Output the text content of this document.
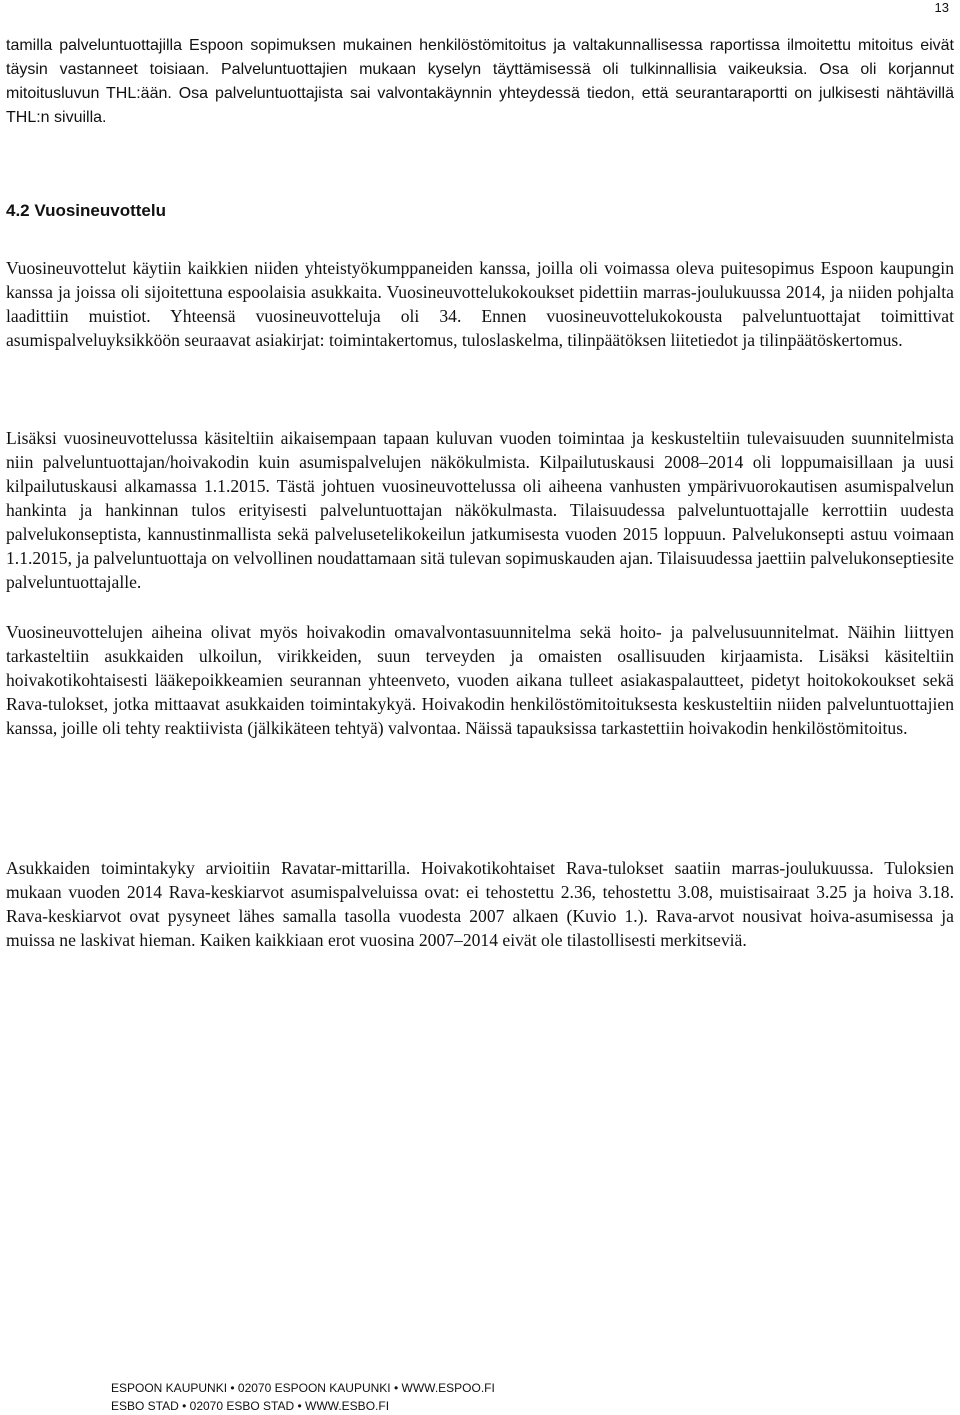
13

tamilla palveluntuottajilla Espoon sopimuksen mukainen henkilöstömitoitus ja valtakunnallisessa raportissa ilmoitettu mitoitus eivät täysin vastanneet toisiaan. Palveluntuottajien mukaan kyselyn täyttämisessä oli tulkinnallisia vaikeuksia. Osa oli korjannut mitoitusluvun THL:ään. Osa palveluntuottajista sai valvontakäynnin yhteydessä tiedon, että seurantaraportti on julkisesti nähtävillä THL:n sivuilla.

4.2 Vuosineuvottelu

Vuosineuvottelut käytiin kaikkien niiden yhteistyökumppaneiden kanssa, joilla oli voimassa oleva puitesopimus Espoon kaupungin kanssa ja joissa oli sijoitettuna espoolaisia asukkaita. Vuosineuvottelukokoukset pidettiin marras-joulukuussa 2014, ja niiden pohjalta laadittiin muistiot. Yhteensä vuosineuvotteluja oli 34. Ennen vuosineuvottelukokousta palveluntuottajat toimittivat asumispalveluyksikköön seuraavat asiakirjat: toimintakertomus, tuloslaskelma, tilinpäätöksen liitetiedot ja tilinpäätöskertomus.

Lisäksi vuosineuvottelussa käsiteltiin aikaisempaan tapaan kuluvan vuoden toimintaa ja keskusteltiin tulevaisuuden suunnitelmista niin palveluntuottajan/hoivakodin kuin asumispalvelujen näkökulmista. Kilpailutuskausi 2008–2014 oli loppumaisillaan ja uusi kilpailutuskausi alkamassa 1.1.2015. Tästä johtuen vuosineuvottelussa oli aiheena vanhusten ympärivuorokautisen asumispalvelun hankinta ja hankinnan tulos erityisesti palveluntuottajan näkökulmasta. Tilaisuudessa palveluntuottajalle kerrottiin uudesta palvelukonseptista, kannustinmallista sekä palvelusetelikokeilun jatkumisesta vuoden 2015 loppuun. Palvelukonsepti astuu voimaan 1.1.2015, ja palveluntuottaja on velvollinen noudattamaan sitä tulevan sopimuskauden ajan. Tilaisuudessa jaettiin palvelukonseptiesite palveluntuottajalle.

Vuosineuvottelujen aiheina olivat myös hoivakodin omavalvontasuunnitelma sekä hoito- ja palvelusuunnitelmat. Näihin liittyen tarkasteltiin asukkaiden ulkoilun, virikkeiden, suun terveyden ja omaisten osallisuuden kirjaamista. Lisäksi käsiteltiin hoivakotikohtaisesti lääkepoikkeamien seurannan yhteenveto, vuoden aikana tulleet asiakaspalautteet, pidetyt hoitokokoukset sekä Rava-tulokset, jotka mittaavat asukkaiden toimintakykyä. Hoivakodin henkilöstömitoituksesta keskusteltiin niiden palveluntuottajien kanssa, joille oli tehty reaktiivista (jälkikäteen tehtyä) valvontaa. Näissä tapauksissa tarkastettiin hoivakodin henkilöstömitoitus.

Asukkaiden toimintakyky arvioitiin Ravatar-mittarilla. Hoivakotikohtaiset Rava-tulokset saatiin marras-joulukuussa. Tuloksien mukaan vuoden 2014 Rava-keskiarvot asumispalveluissa ovat: ei tehostettu 2.36, tehostettu 3.08, muistisairaat 3.25 ja hoiva 3.18. Rava-keskiarvot ovat pysyneet lähes samalla tasolla vuodesta 2007 alkaen (Kuvio 1.). Rava-arvot nousivat hoiva-asumisessa ja muissa ne laskivat hieman. Kaiken kaikkiaan erot vuosina 2007–2014 eivät ole tilastollisesti merkitseviä.

ESPOON KAUPUNKI • 02070 ESPOON KAUPUNKI • WWW.ESPOO.FI
ESBO STAD • 02070 ESBO STAD • WWW.ESBO.FI
